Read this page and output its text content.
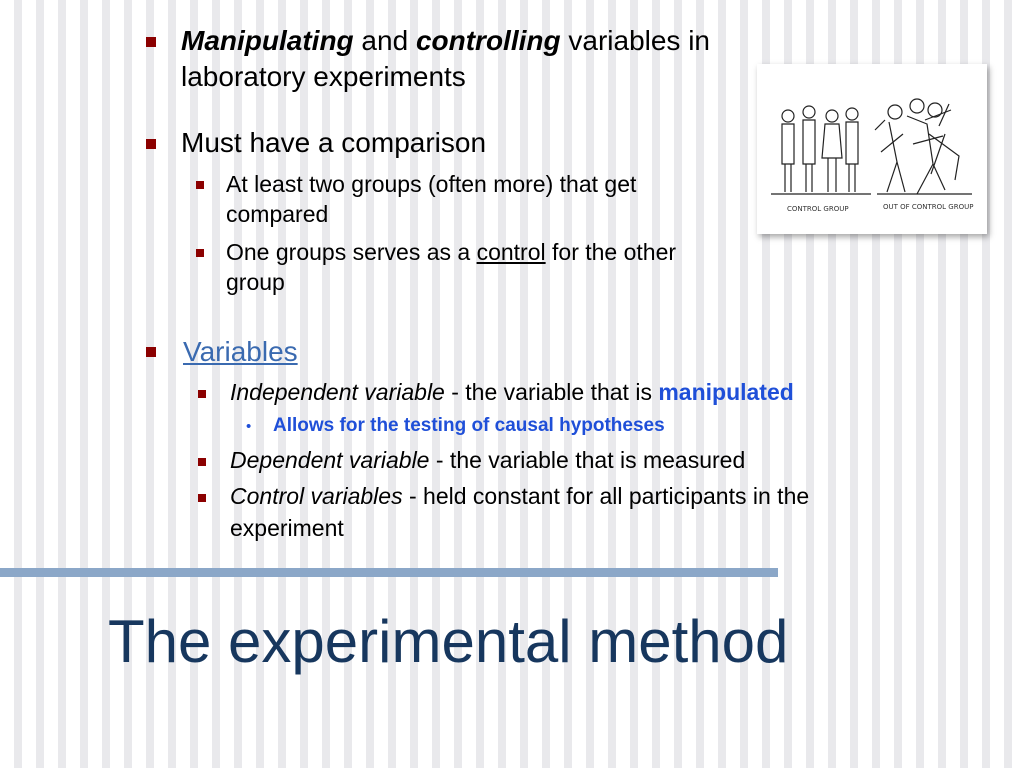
Manipulating and controlling variables in
laboratory experiments
Must have a comparison
At least two groups (often more) that get
compared
One groups serves as a control for the other
group
Variables
Independent variable - the variable that is manipulated
• Allows for the testing of causal hypotheses
Dependent variable - the variable that is measured
Control variables - held constant for all participants in the
experiment
CONTROL GROUP	OUT OF CONTROL GROUP
The experimental method
